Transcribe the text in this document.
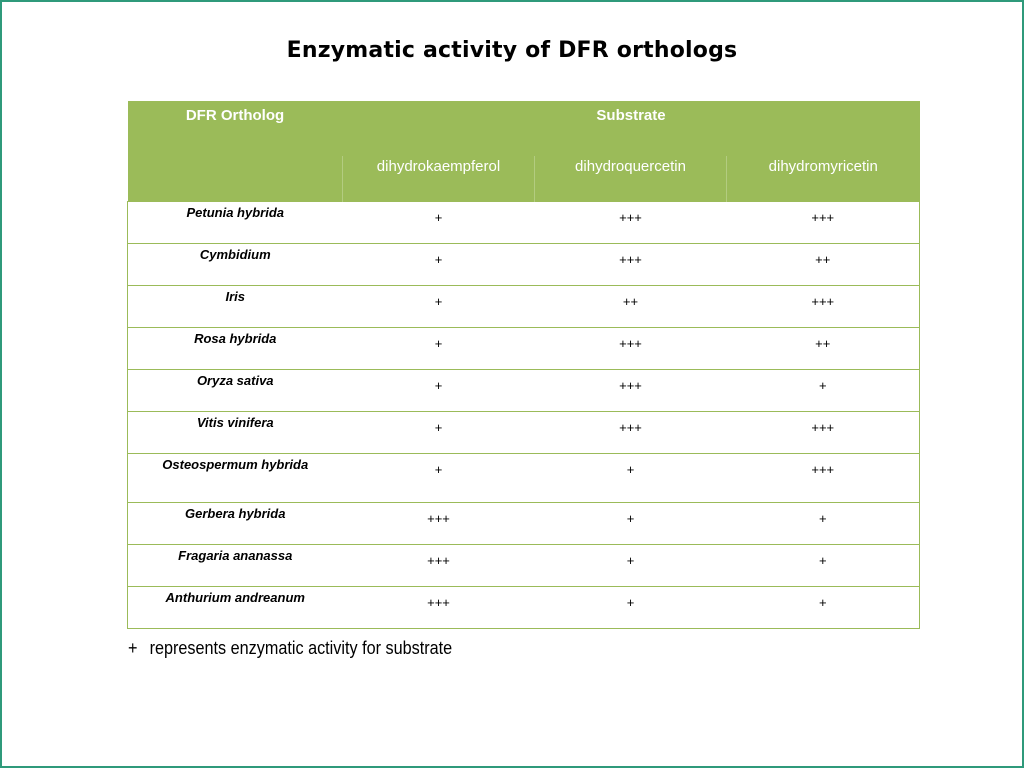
Enzymatic activity of DFR orthologs
DFR Ortholog	Substrate		
	dihydrokaempferol	dihydroquercetin	dihydromyricetin
Petunia hybrida	+	+++	+++
Cymbidium	+	+++	++
Iris	+	++	+++
Rosa hybrida	+	+++	++
Oryza sativa	+	+++	+
Vitis vinifera	+	+++	+++
Osteospermum hybrida	+	+	+++
Gerbera hybrida	+++	+	+
Fragaria ananassa	+++	+	+
Anthurium andreanum	+++	+	+
+ represents enzymatic activity for substrate
